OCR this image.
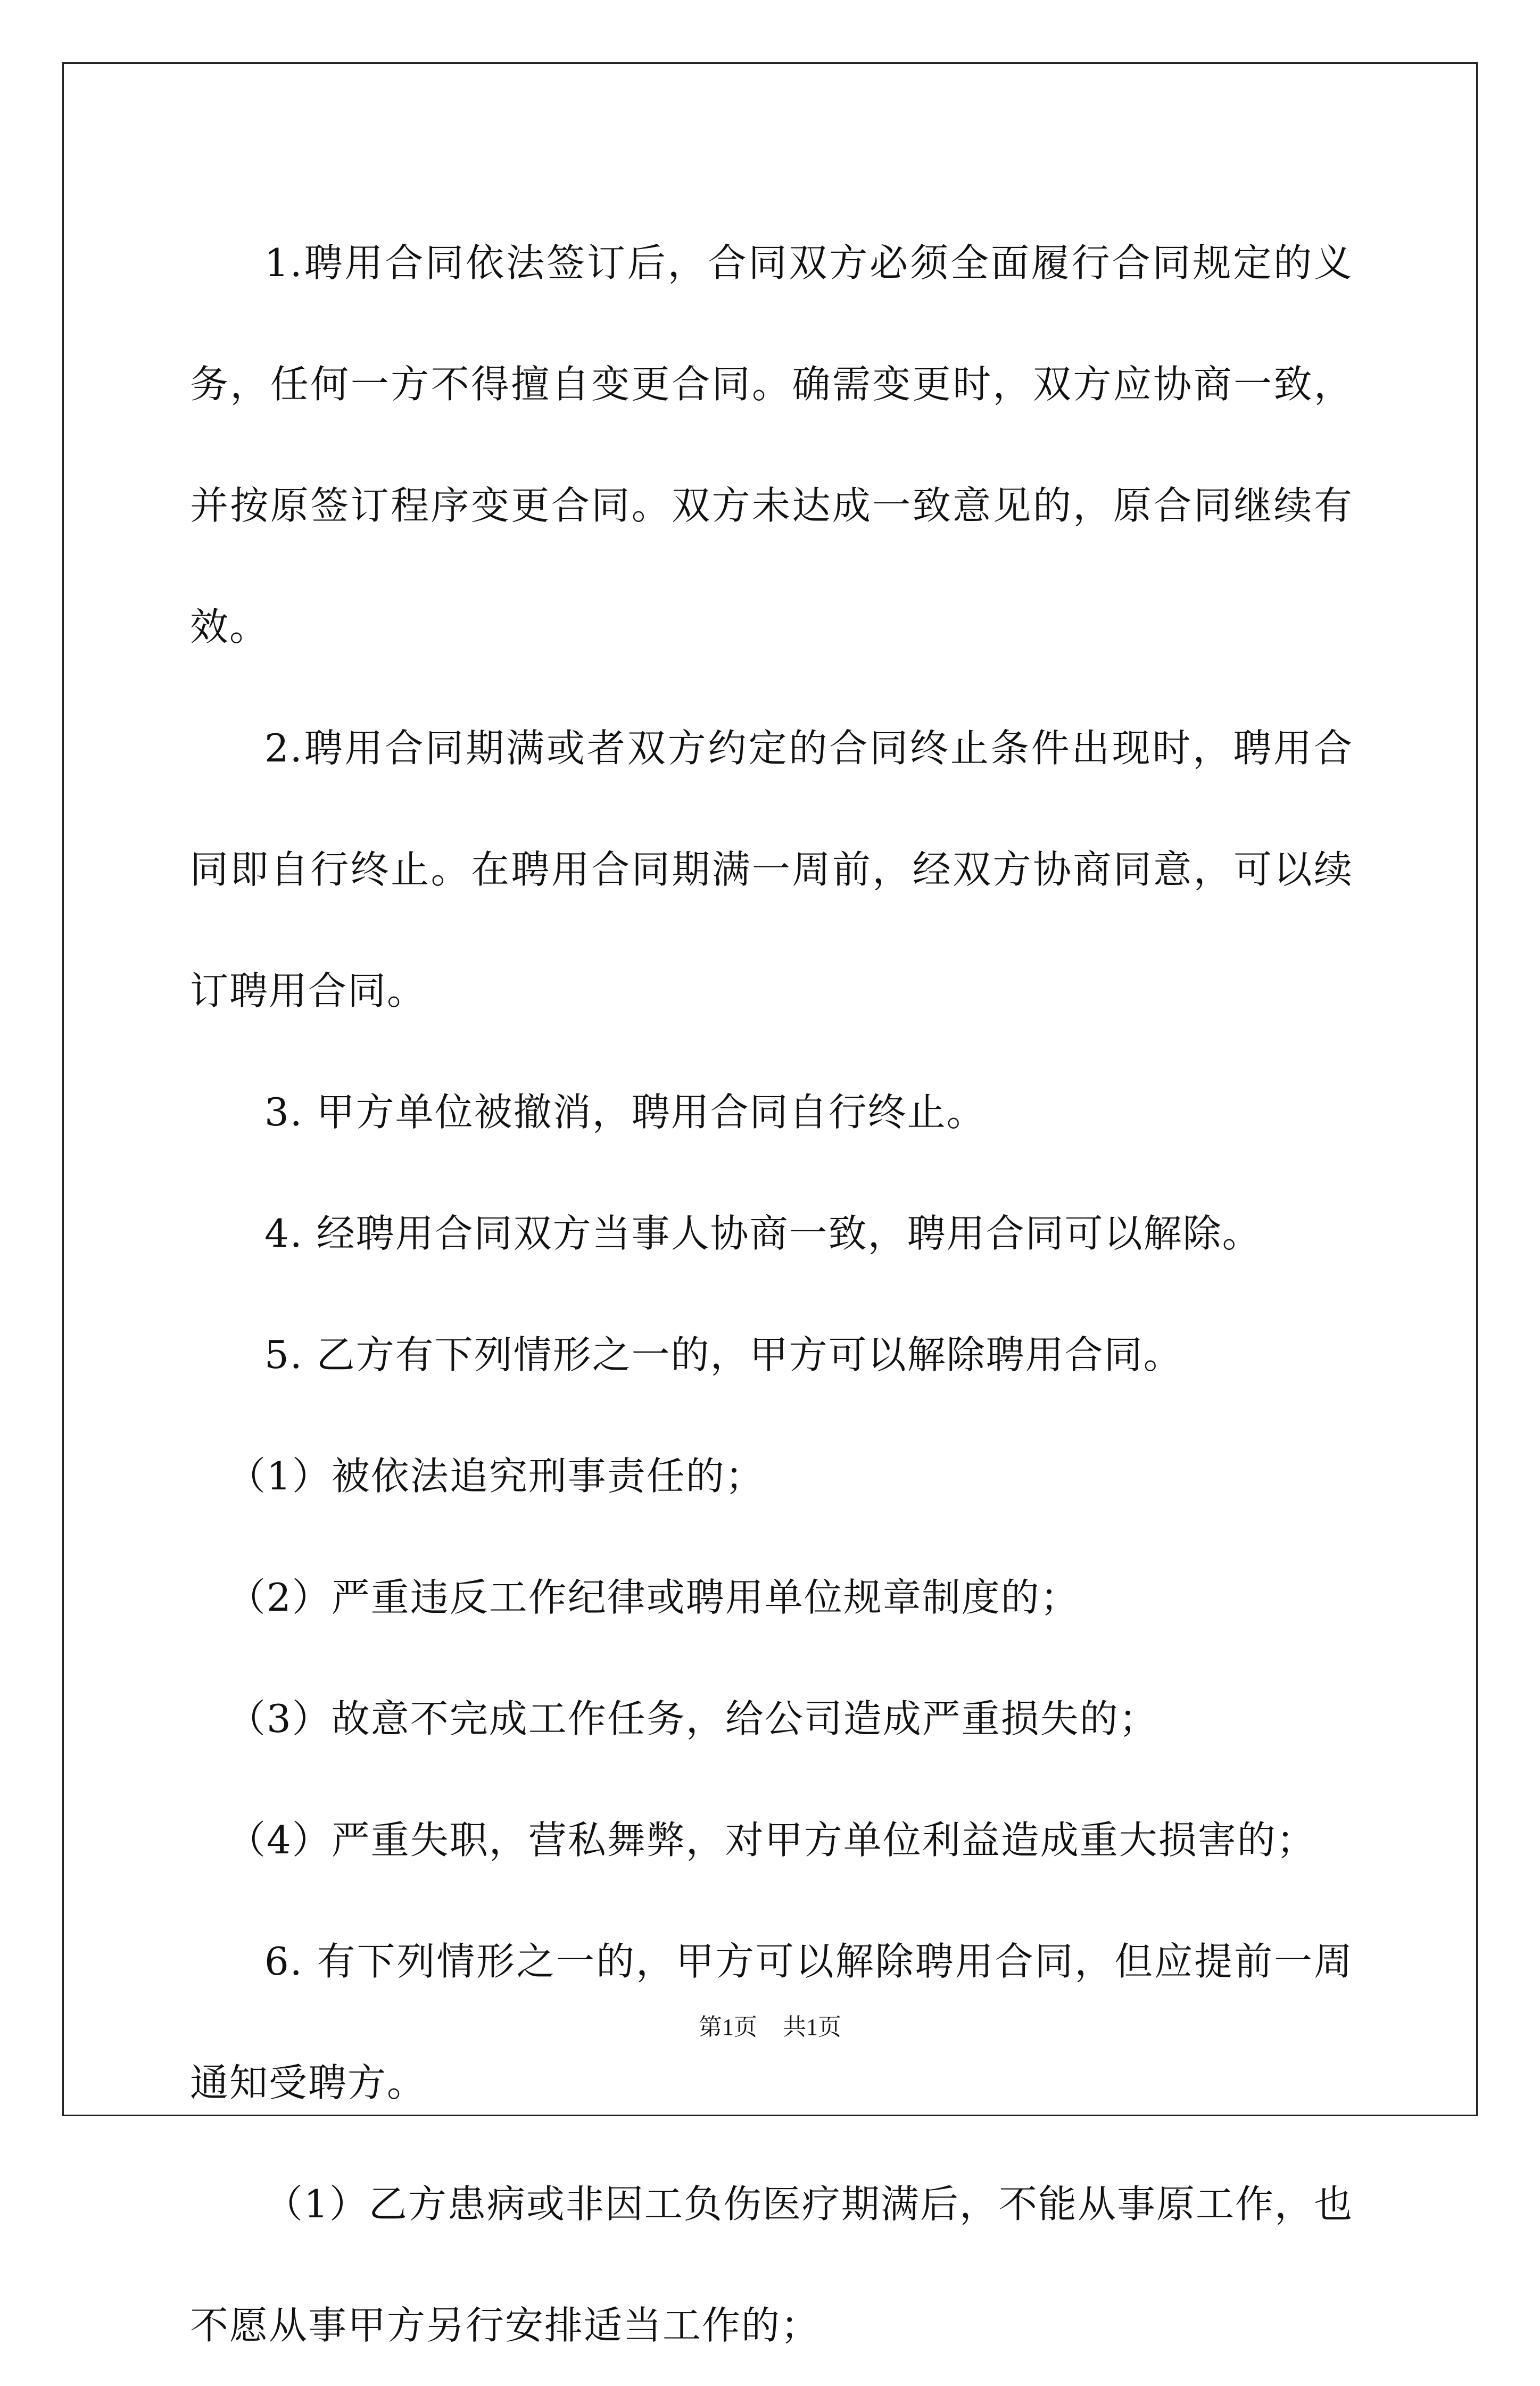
1.聘用合同依法签订后，合同双方必须全面履行合同规定的义务，任何一方不得擅自变更合同。确需变更时，双方应协商一致，并按原签订程序变更合同。双方未达成一致意见的，原合同继续有效。

2.聘用合同期满或者双方约定的合同终止条件出现时，聘用合同即自行终止。在聘用合同期满一周前，经双方协商同意，可以续订聘用合同。

3. 甲方单位被撤消，聘用合同自行终止。

4. 经聘用合同双方当事人协商一致，聘用合同可以解除。

5. 乙方有下列情形之一的，甲方可以解除聘用合同。

（1）被依法追究刑事责任的；

（2）严重违反工作纪律或聘用单位规章制度的；

（3）故意不完成工作任务，给公司造成严重损失的；

（4）严重失职，营私舞弊，对甲方单位利益造成重大损害的；

6. 有下列情形之一的，甲方可以解除聘用合同，但应提前一周通知受聘方。

（1）乙方患病或非因工负伤医疗期满后，不能从事原工作，也不愿从事甲方另行安排适当工作的；

第1页 共1页
